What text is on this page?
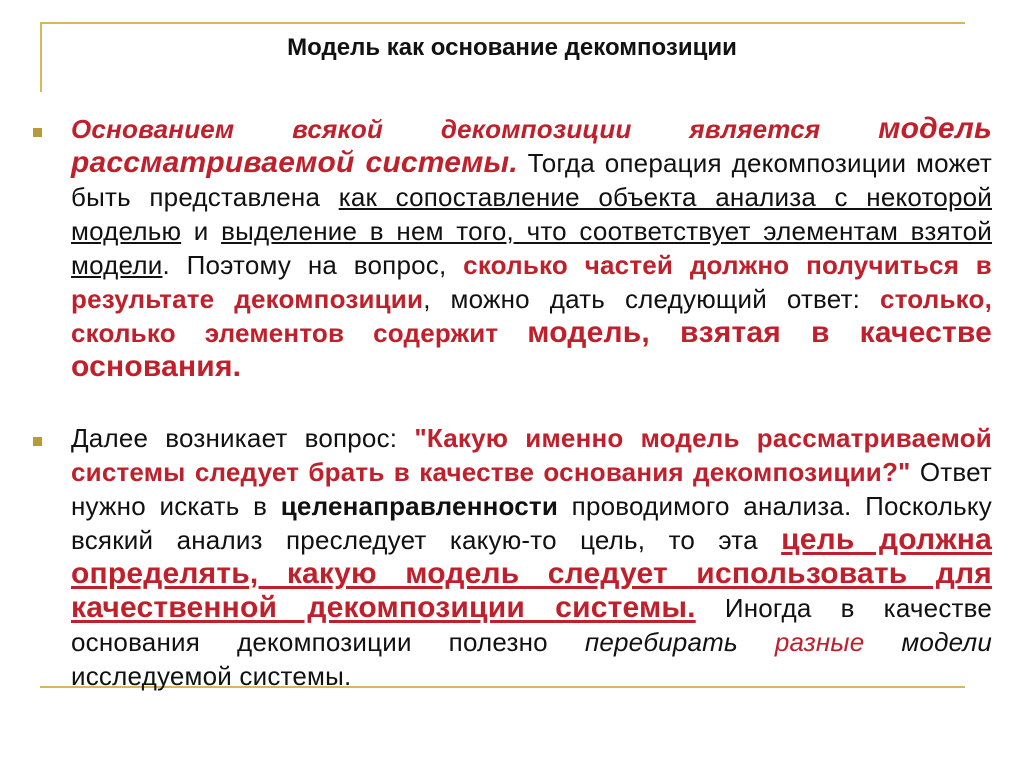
Модель как основание декомпозиции
Основанием всякой декомпозиции является модель рассматриваемой системы. Тогда операция декомпозиции может быть представлена как сопоставление объекта анализа с некоторой моделью и выделение в нем того, что соответствует элементам взятой модели. Поэтому на вопрос, сколько частей должно получиться в результате декомпозиции, можно дать следующий ответ: столько, сколько элементов содержит модель, взятая в качестве основания.
Далее возникает вопрос: "Какую именно модель рассматриваемой системы следует брать в качестве основания декомпозиции?" Ответ нужно искать в целенаправленности проводимого анализа. Поскольку всякий анализ преследует какую-то цель, то эта цель должна определять, какую модель следует использовать для качественной декомпозиции системы. Иногда в качестве основания декомпозиции полезно перебирать разные модели исследуемой системы.
